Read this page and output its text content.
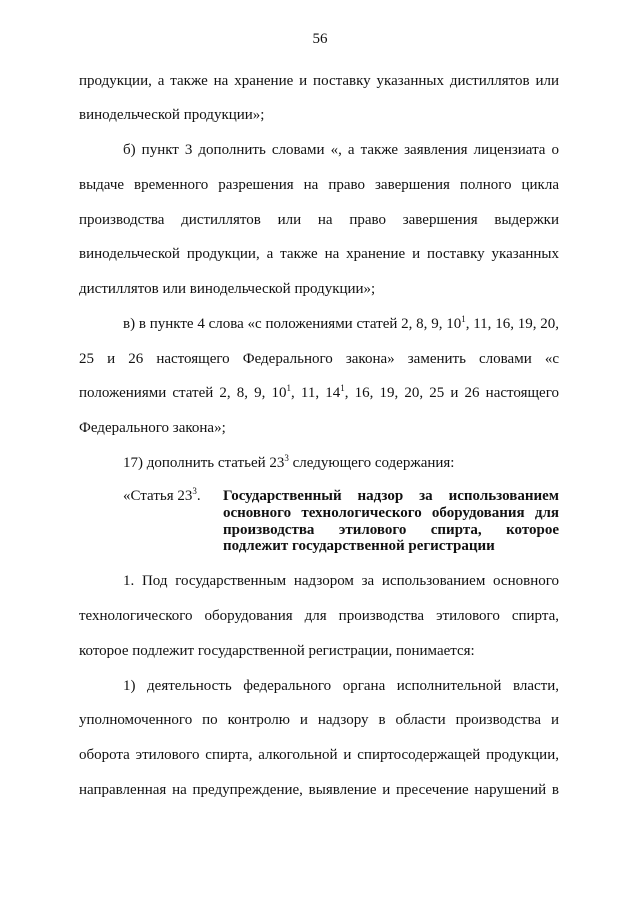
56
продукции, а также на хранение и поставку указанных дистиллятов или
винодельческой продукции»;
б) пункт 3 дополнить словами «, а также заявления лицензиата о
выдаче временного разрешения на право завершения полного цикла
производства дистиллятов или на право завершения выдержки
винодельческой продукции, а также на хранение и поставку указанных
дистиллятов или винодельческой продукции»;
в) в пункте 4 слова «с положениями статей 2, 8, 9, $10^1$, 11, 16, 19, 20,
25 и 26 настоящего Федерального закона» заменить словами «с
положениями статей 2, 8, 9, $10^1$, 11, $14^1$, 16, 19, 20, 25 и 26 настоящего
Федерального закона»;
17) дополнить статьей $23^3$ следующего содержания:
«Статья $23^3$. Государственный надзор за использованием
основного технологического оборудования для
производства этилового спирта, которое
подлежит государственной регистрации
1. Под государственным надзором за использованием основного
технологического оборудования для производства этилового спирта,
которое подлежит государственной регистрации, понимается:
1) деятельность федерального органа исполнительной власти,
уполномоченного по контролю и надзору в области производства и
оборота этилового спирта, алкогольной и спиртосодержащей продукции,
направленная на предупреждение, выявление и пресечение нарушений в
